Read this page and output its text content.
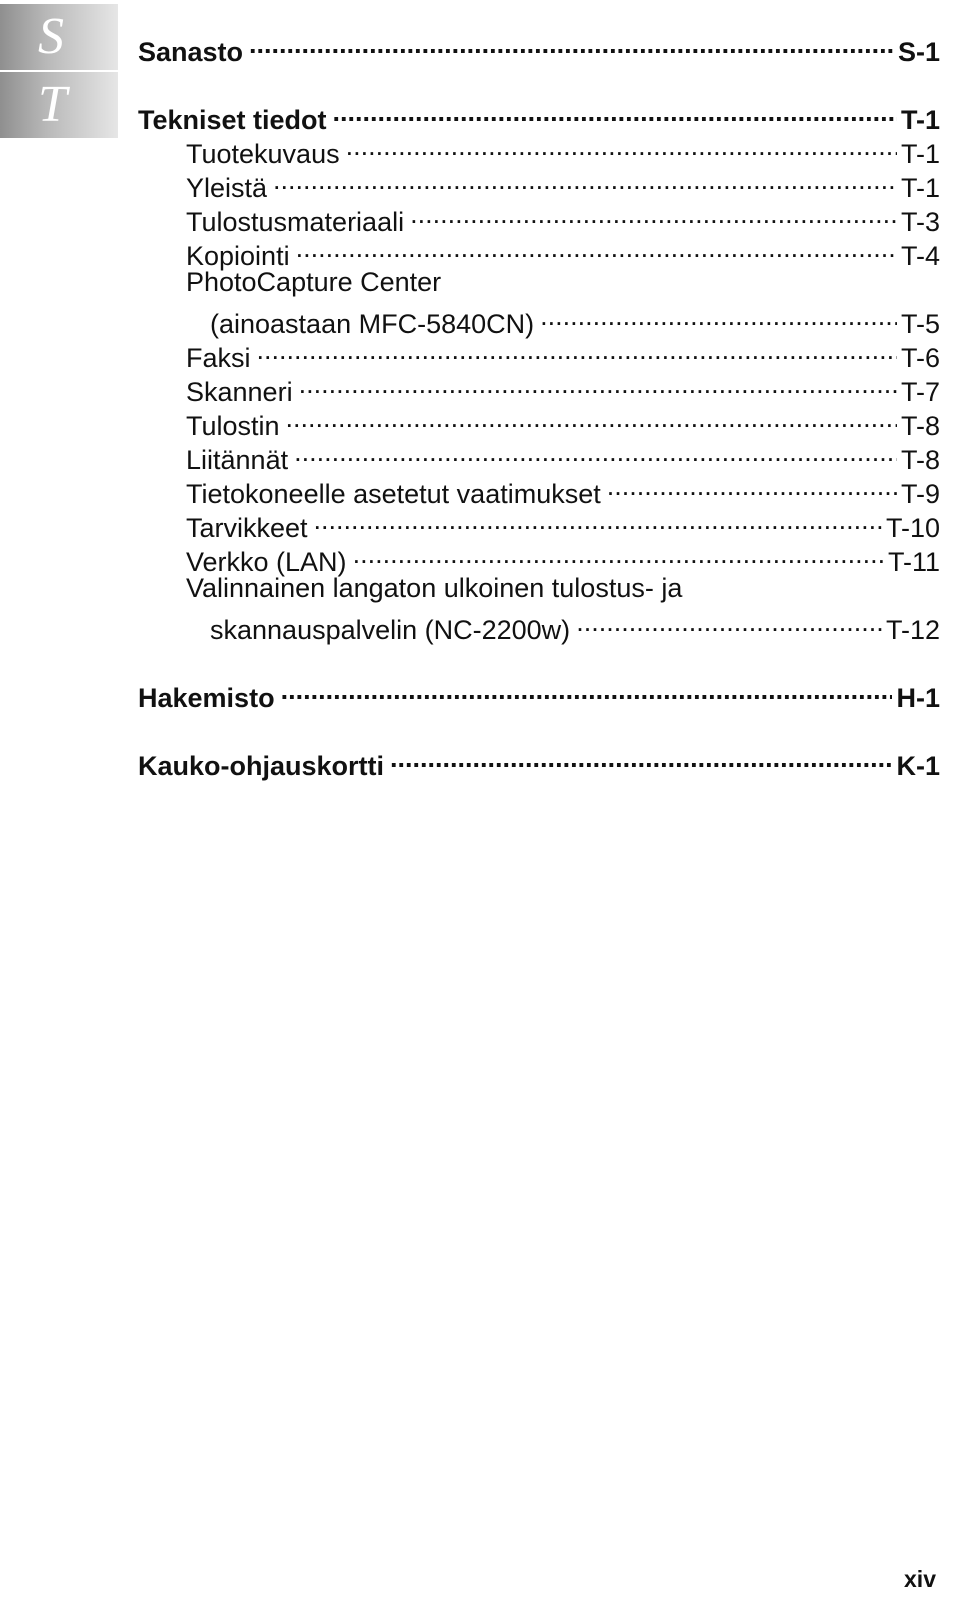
S
T
Sanasto .....	S-1
Tekniset tiedot .....	T-1
Tuotekuvaus .....	T-1
Yleistä .....	T-1
Tulostusmateriaali .....	T-3
Kopiointi .....	T-4
PhotoCapture Center
(ainoastaan MFC-5840CN) .....	T-5
Faksi .....	T-6
Skanneri .....	T-7
Tulostin .....	T-8
Liitännät .....	T-8
Tietokoneelle asetetut vaatimukset .....	T-9
Tarvikkeet .....	T-10
Verkko (LAN) .....	T-11
Valinnainen langaton ulkoinen tulostus- ja
skannauspalvelin (NC-2200w) .....	T-12
Hakemisto .....	H-1
Kauko-ohjauskortti .....	K-1
xiv
